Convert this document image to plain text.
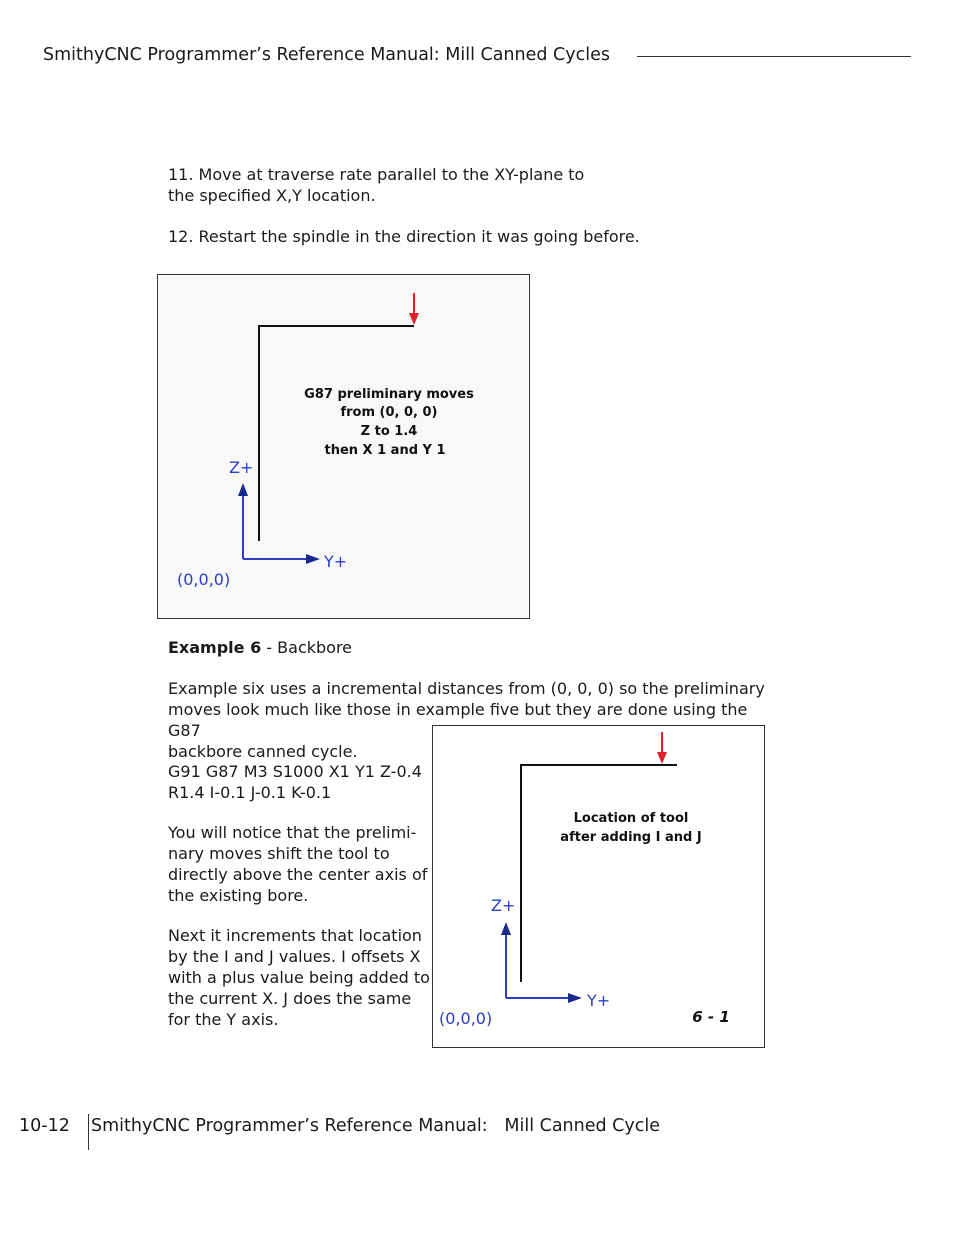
SmithyCNC Programmer’s Reference Manual: Mill Canned Cycles

11. Move at traverse rate parallel to the XY-plane to
the specified X,Y location.

12. Restart the spindle in the direction it was going before.

Z+
Y+
(0,0,0)
G87 preliminary moves
from (0, 0, 0)
Z to 1.4
then X 1 and Y 1

Example 6 - Backbore

Example six uses a incremental distances from (0, 0, 0) so the preliminary
moves look much like those in example five but they are done using the G87
backbore canned cycle.

G91 G87 M3 S1000 X1 Y1 Z-0.4
R1.4 I-0.1 J-0.1 K-0.1

You will notice that the prelimi-
nary moves shift the tool to
directly above the center axis of
the existing bore.

Next it increments that location
by the I and J values. I offsets X
with a plus value being added to
the current X. J does the same
for the Y axis.

Z+
Y+
(0,0,0)
Location of tool
after adding I and J
6 - 1
10-12 SmithyCNC Programmer’s Reference Manual:   Mill Canned Cycle
